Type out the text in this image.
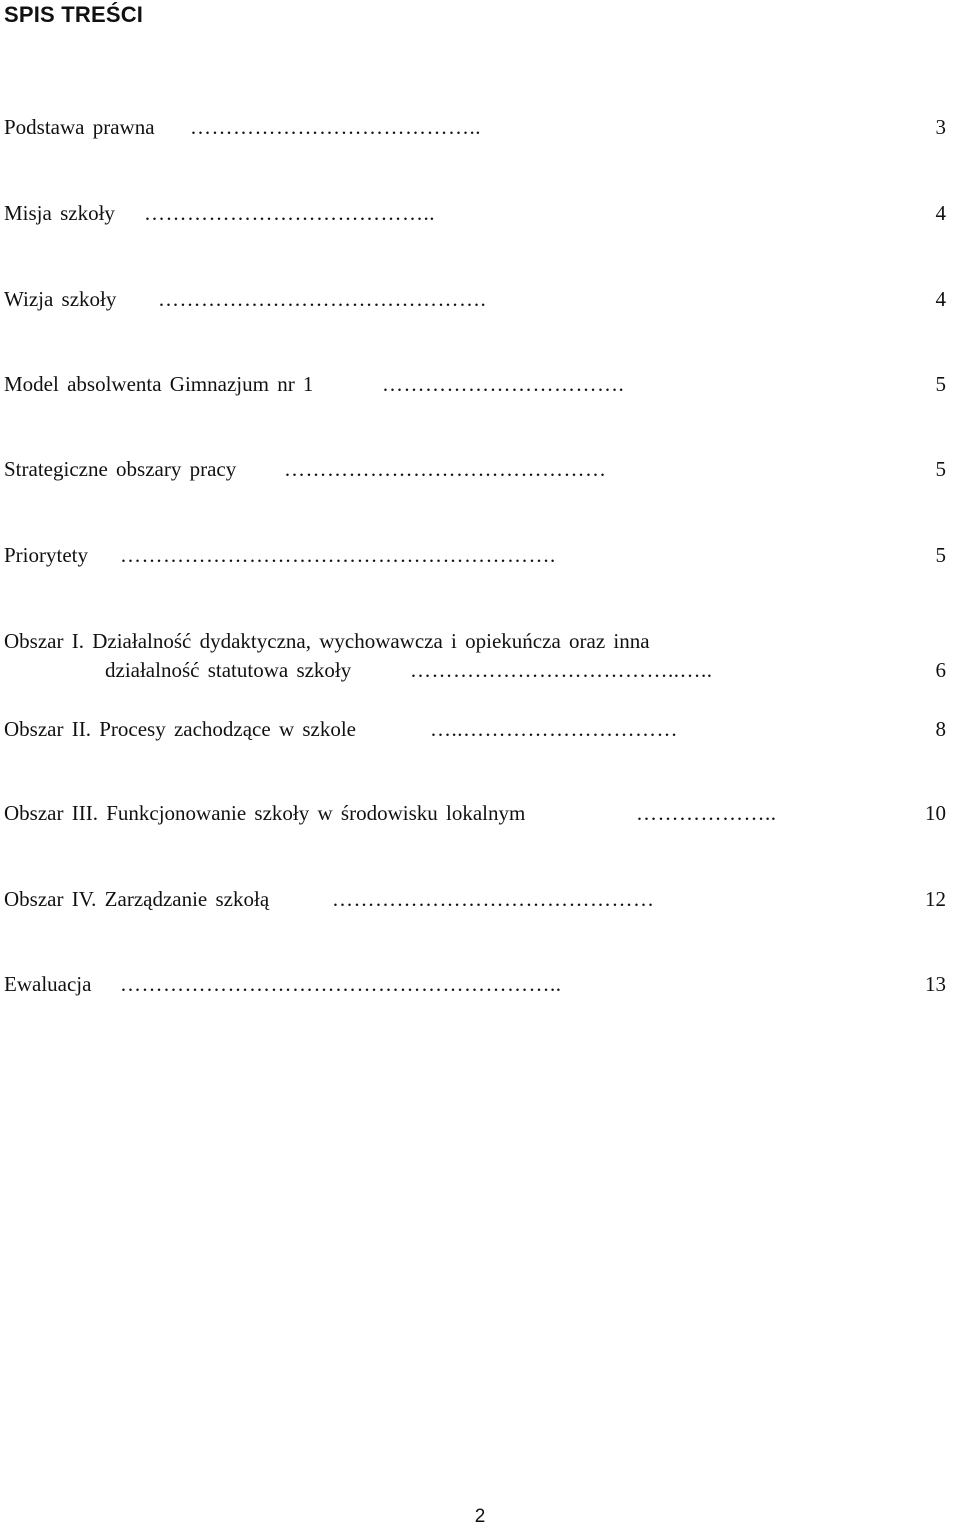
SPIS TREŚCI
Podstawa prawna …………………………………..	3
Misja szkoły …………………………………..	4
Wizja szkoły ……………………………………….	4
Model absolwenta Gimnazjum nr 1	…………………………….	5
Strategiczne obszary pracy ………………………………………	5
Priorytety …………………………………………………….	5
Obszar I. Działalność dydaktyczna, wychowawcza i opiekuńcza oraz inna
działalność statutowa szkoły	………………………………..…..	6
Obszar II. Procesy zachodzące w szkole	…..…………………………	8
Obszar III. Funkcjonowanie szkoły w środowisku lokalnym	………………..	10
Obszar IV. Zarządzanie szkołą	………………………………………	12
Ewaluacja ……………………………………………………..	13
2
